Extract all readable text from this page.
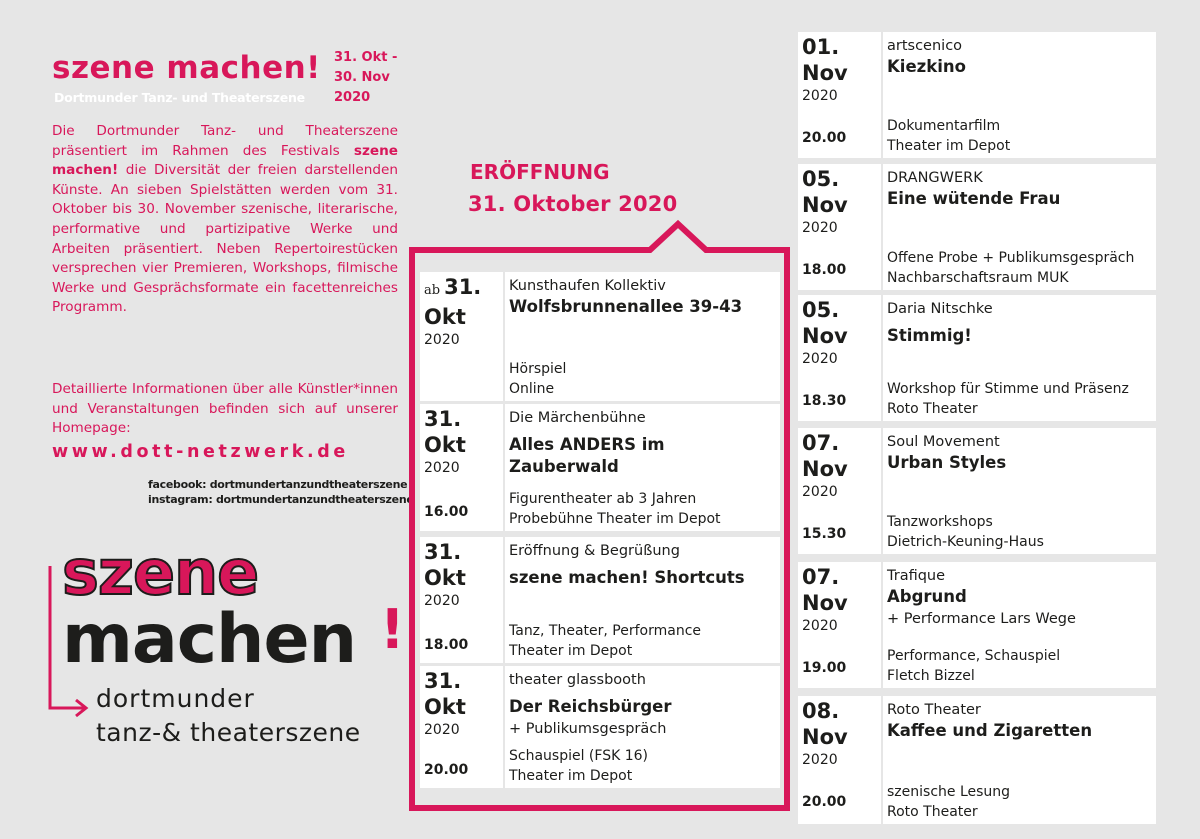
szene machen! 31. Okt -
30. Nov
2020
Dortmunder Tanz- und Theaterszene
Die Dortmunder Tanz- und Theaterszene präsentiert im Rahmen des Festivals szene machen! die Diversität der freien darstellenden Künste. An sieben Spielstätten werden vom 31. Oktober bis 30. November szenische, literarische, performative und partizipative Werke und Arbeiten präsentiert. Neben Repertoirestücken versprechen vier Premieren, Workshops, filmische Werke und Gesprächsformate ein facettenreiches Programm.
Detaillierte Informationen über alle Künstler*innen und Veranstaltungen befinden sich auf unserer Homepage:
www.dott-netzwerk.de
facebook: dortmundertanzundtheaterszene
instagram: dortmundertanzundtheaterszene
szene
machen !
dortmunder
tanz-& theaterszene
ERÖFFNUNG
31. Oktober 2020
ab 31.
Okt
2020
Kunsthaufen Kollektiv
Wolfsbrunnenallee 39-43
Hörspiel
Online
31.
Okt
2020
16.00
Die Märchenbühne
Alles ANDERS im Zauberwald
Figurentheater ab 3 Jahren
Probebühne Theater im Depot
31.
Okt
2020
18.00
Eröffnung & Begrüßung
szene machen! Shortcuts
Tanz, Theater, Performance
Theater im Depot
31.
Okt
2020
20.00
theater glassbooth
Der Reichsbürger
+ Publikumsgespräch
Schauspiel (FSK 16)
Theater im Depot
01.
Nov
2020
20.00
artscenico
Kiezkino
Dokumentarfilm
Theater im Depot
05.
Nov
2020
18.00
DRANGWERK
Eine wütende Frau
Offene Probe + Publikumsgespräch
Nachbarschaftsraum MUK
05.
Nov
2020
18.30
Daria Nitschke
Stimmig!
Workshop für Stimme und Präsenz
Roto Theater
07.
Nov
2020
15.30
Soul Movement
Urban Styles
Tanzworkshops
Dietrich-Keuning-Haus
07.
Nov
2020
19.00
Trafique
Abgrund
+ Performance Lars Wege
Performance, Schauspiel
Fletch Bizzel
08.
Nov
2020
20.00
Roto Theater
Kaffee und Zigaretten
szenische Lesung
Roto Theater
